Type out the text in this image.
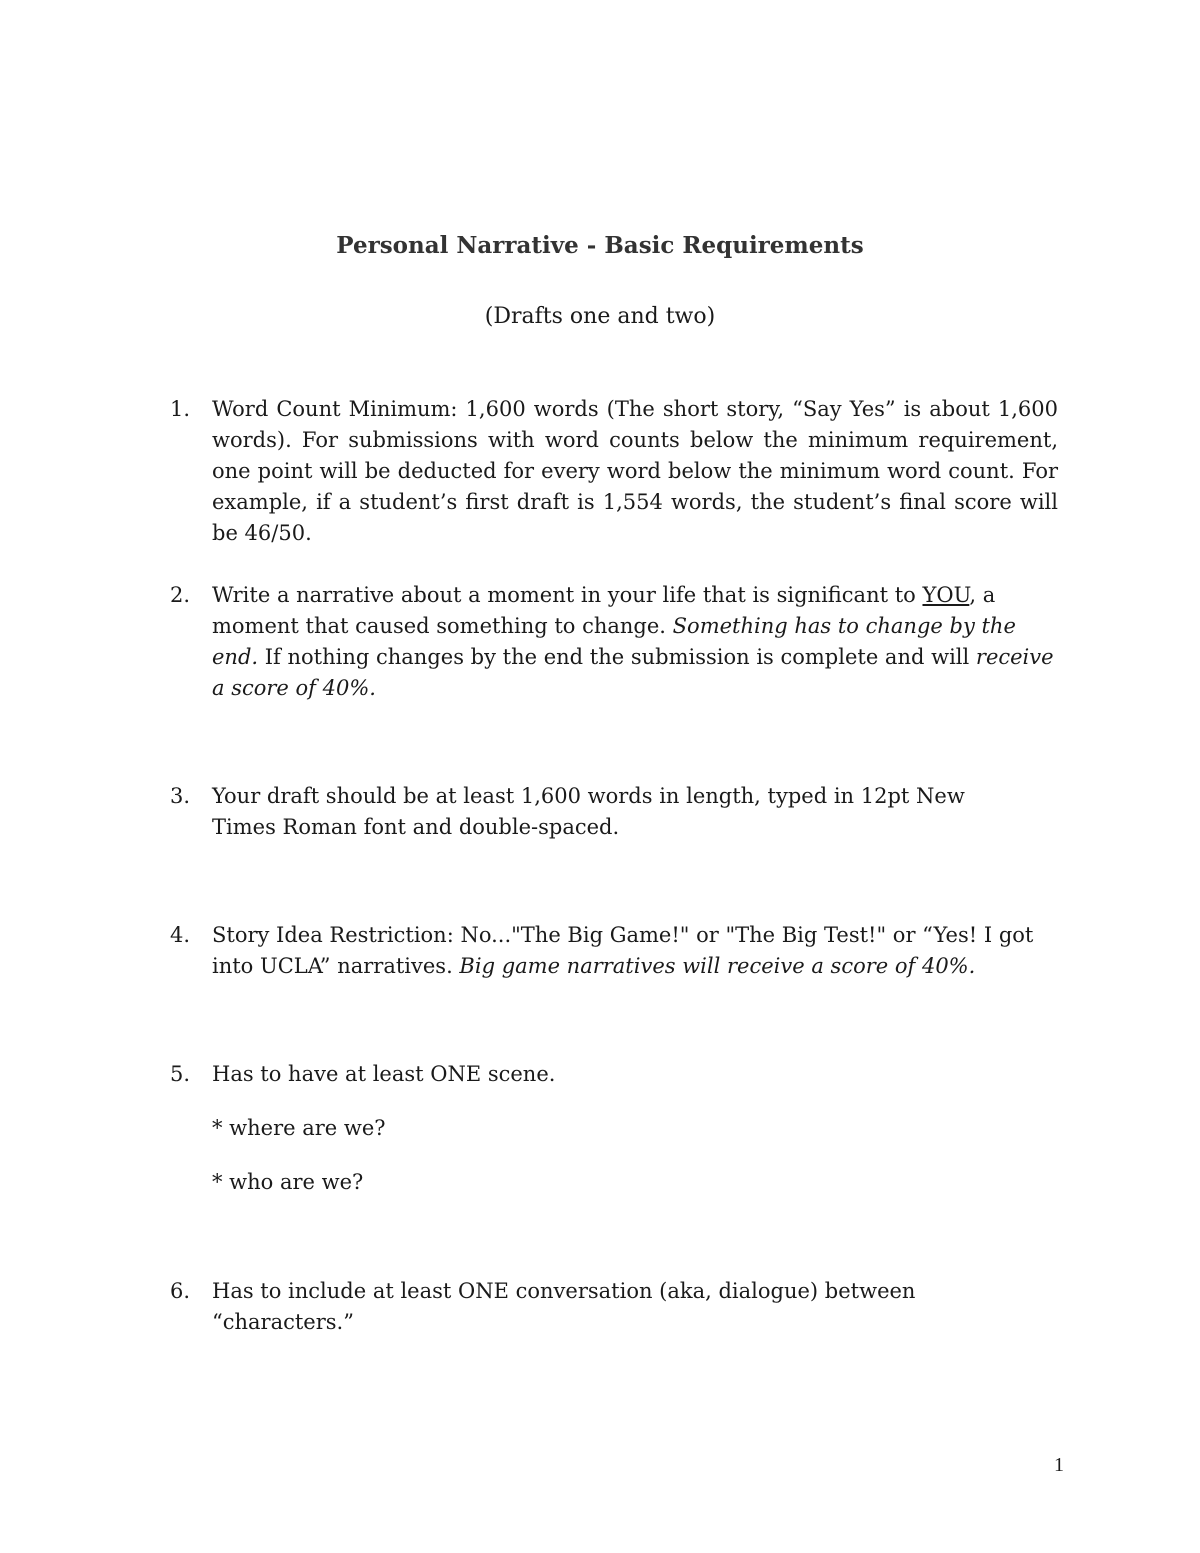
Personal Narrative - Basic Requirements
(Drafts one and two)
1.	Word Count Minimum: 1,600 words (The short story, “Say Yes” is about 1,600 words). For submissions with word counts below the minimum requirement, one point will be deducted for every word below the minimum word count. For example, if a student’s first draft is 1,554 words, the student’s final score will be 46/50.
2.	Write a narrative about a moment in your life that is significant to YOU, a moment that caused something to change. Something has to change by the end. If nothing changes by the end the submission is complete and will receive a score of 40%.
3.	Your draft should be at least 1,600 words in length, typed in 12pt New Times Roman font and double-spaced.
4.	Story Idea Restriction: No..."The Big Game!" or "The Big Test!" or “Yes! I got into UCLA” narratives. Big game narratives will receive a score of 40%.
5.	Has to have at least ONE scene.
* where are we?
* who are we?
6.	Has to include at least ONE conversation (aka, dialogue) between “characters.”
1
